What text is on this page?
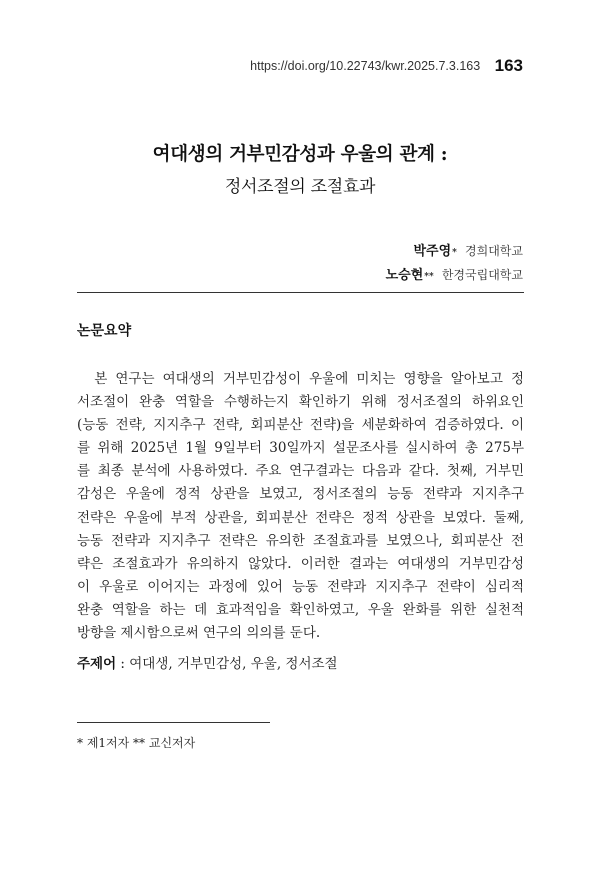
https://doi.org/10.22743/kwr.2025.7.3.163 163
여대생의 거부민감성과 우울의 관계 :
정서조절의 조절효과
박주영* 경희대학교
노승현** 한경국립대학교
논문요약
　본 연구는 여대생의 거부민감성이 우울에 미치는 영향을 알아보고 정
서조절이 완충 역할을 수행하는지 확인하기 위해 정서조절의 하위요인
(능동 전략, 지지추구 전략, 회피분산 전략)을 세분화하여 검증하였다. 이
를 위해 2025년 1월 9일부터 30일까지 설문조사를 실시하여 총 275부
를 최종 분석에 사용하였다. 주요 연구결과는 다음과 같다. 첫째, 거부민
감성은 우울에 정적 상관을 보였고, 정서조절의 능동 전략과 지지추구
전략은 우울에 부적 상관을, 회피분산 전략은 정적 상관을 보였다. 둘째,
능동 전략과 지지추구 전략은 유의한 조절효과를 보였으나, 회피분산 전
략은 조절효과가 유의하지 않았다. 이러한 결과는 여대생의 거부민감성
이 우울로 이어지는 과정에 있어 능동 전략과 지지추구 전략이 심리적
완충 역할을 하는 데 효과적임을 확인하였고, 우울 완화를 위한 실천적
방향을 제시함으로써 연구의 의의를 둔다.
주제어 : 여대생, 거부민감성, 우울, 정서조절
* 제1저자 ** 교신저자
